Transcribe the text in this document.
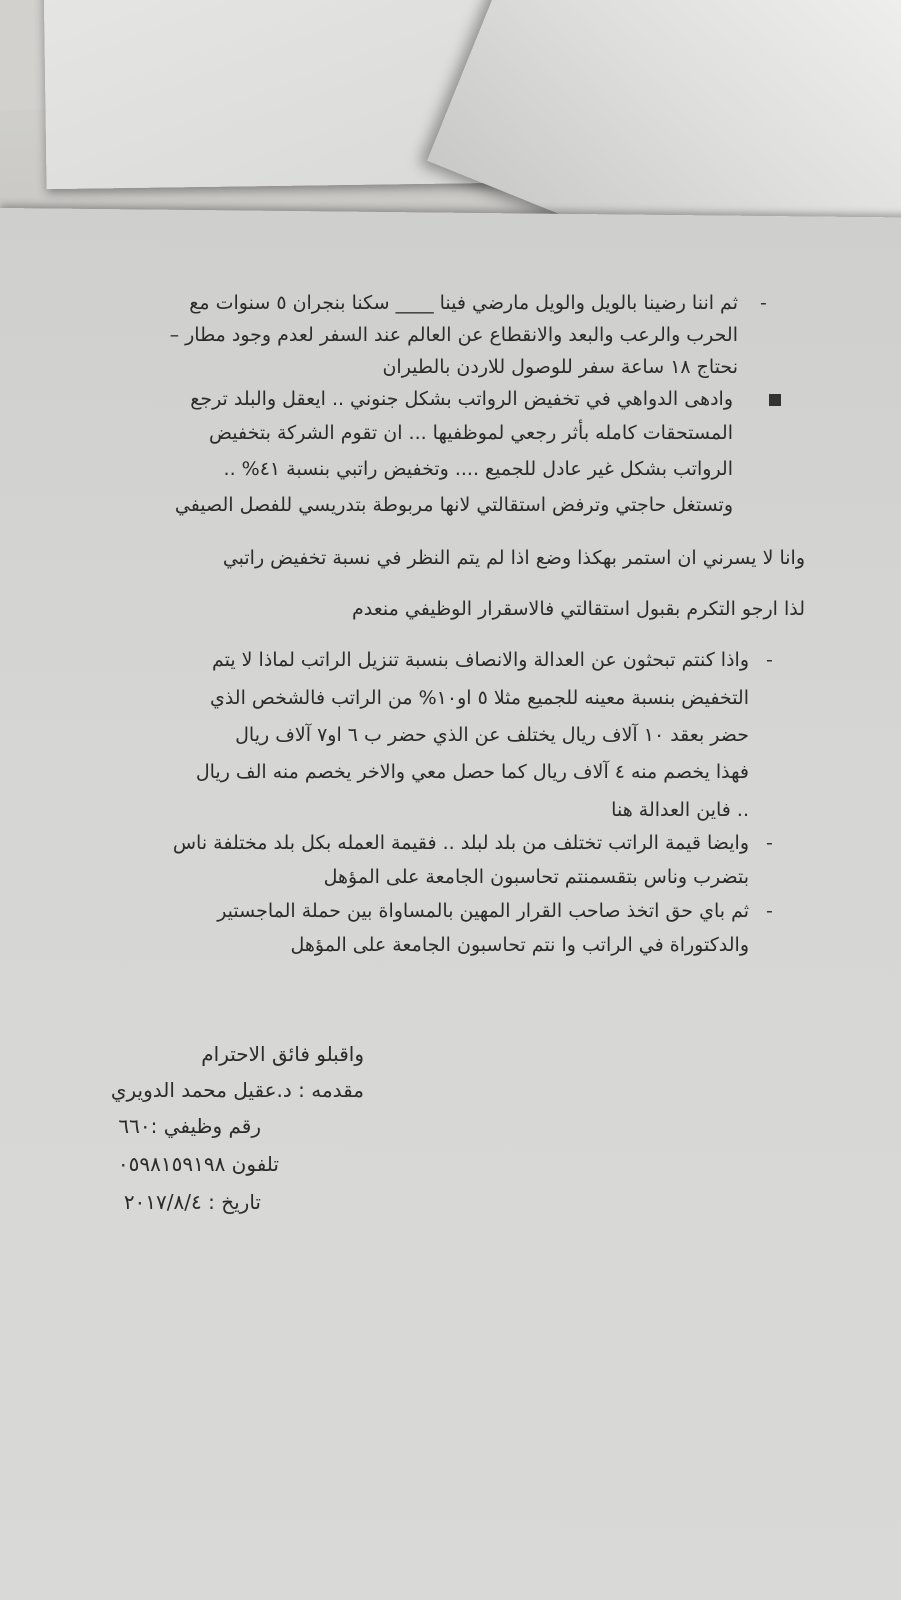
-
ثم اننا رضينا بالويل والويل مارضي فينا ____ سكنا بنجران ٥ سنوات مع
الحرب والرعب والبعد والانقطاع عن العالم عند السفر لعدم وجود مطار –
نحتاج ١٨ ساعة سفر للوصول للاردن بالطيران
وادهى الدواهي في تخفيض الرواتب بشكل جنوني .. ايعقل والبلد ترجع
المستحقات كامله بأثر رجعي لموظفيها ... ان تقوم الشركة بتخفيض
الرواتب بشكل غير عادل للجميع .... وتخفيض راتبي بنسبة ٤١% ..
وتستغل حاجتي وترفض استقالتي لانها مربوطة بتدريسي للفصل الصيفي
وانا لا يسرني ان استمر بهكذا وضع اذا لم يتم النظر في نسبة تخفيض راتبي
لذا ارجو التكرم بقبول استقالتي فالاسقرار الوظيفي منعدم
-
واذا كنتم تبحثون عن العدالة والانصاف بنسبة تنزيل الراتب لماذا لا يتم
التخفيض بنسبة معينه للجميع مثلا ٥ او١٠% من الراتب فالشخص الذي
حضر بعقد ١٠ آلاف ريال يختلف عن الذي حضر ب ٦ او٧ آلاف ريال
فهذا يخصم منه ٤ آلاف ريال كما حصل معي والاخر يخصم منه الف ريال
.. فاين العدالة هنا
-
وايضا قيمة الراتب تختلف من بلد لبلد .. فقيمة العمله بكل بلد مختلفة ناس
بتضرب وناس بتقسمنتم تحاسبون الجامعة على المؤهل
-
ثم باي حق اتخذ صاحب القرار المهين بالمساواة بين حملة الماجستير
والدكتوراة في الراتب وا نتم تحاسبون الجامعة على المؤهل
واقبلو فائق الاحترام
مقدمه : د.عقيل محمد الدويري
رقم وظيفي :٦٦٠
تلفون ٠٥٩٨١٥٩١٩٨
تاريخ : ٢٠١٧/٨/٤
